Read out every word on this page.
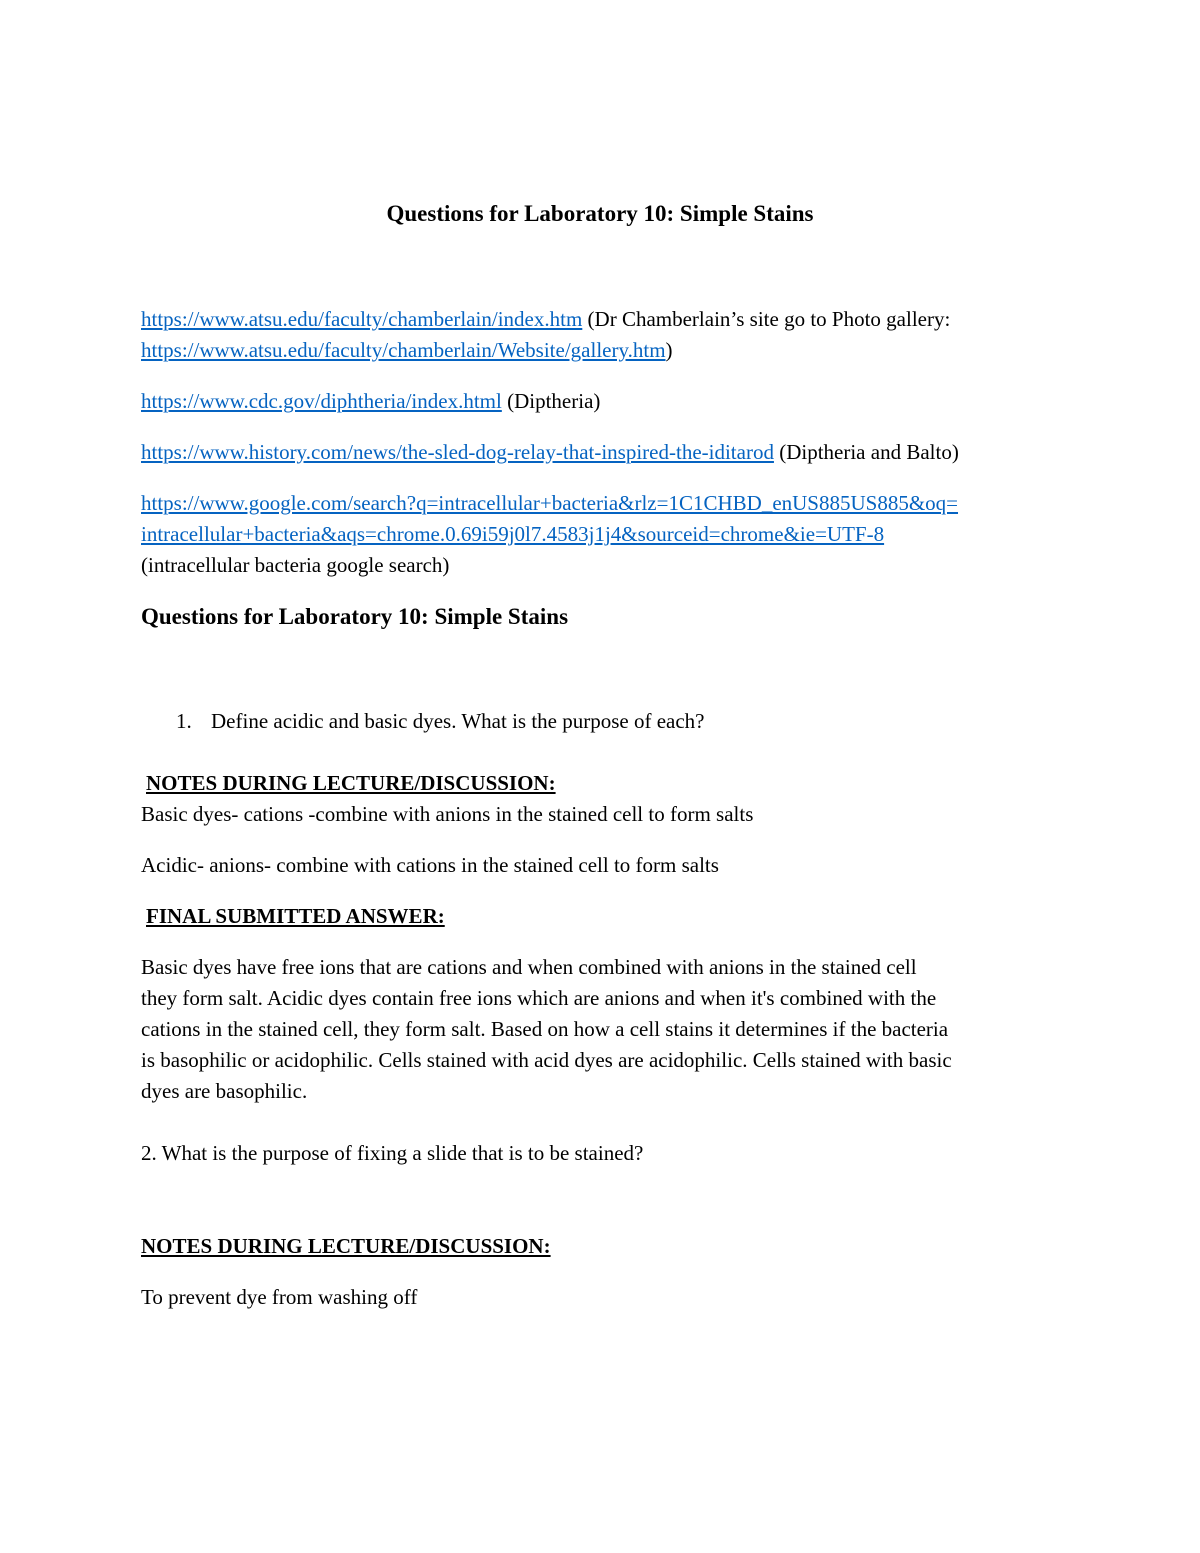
Questions for Laboratory 10: Simple Stains
https://www.atsu.edu/faculty/chamberlain/index.htm (Dr Chamberlain’s site go to Photo gallery:
https://www.atsu.edu/faculty/chamberlain/Website/gallery.htm)
https://www.cdc.gov/diphtheria/index.html (Diptheria)
https://www.history.com/news/the-sled-dog-relay-that-inspired-the-iditarod (Diptheria and Balto)
https://www.google.com/search?q=intracellular+bacteria&rlz=1C1CHBD_enUS885US885&oq=
intracellular+bacteria&aqs=chrome.0.69i59j0l7.4583j1j4&sourceid=chrome&ie=UTF-8
(intracellular bacteria google search)
Questions for Laboratory 10: Simple Stains
1. Define acidic and basic dyes. What is the purpose of each?
NOTES DURING LECTURE/DISCUSSION:
Basic dyes- cations -combine with anions in the stained cell to form salts
Acidic- anions- combine with cations in the stained cell to form salts
FINAL SUBMITTED ANSWER:
Basic dyes have free ions that are cations and when combined with anions in the stained cell
they form salt. Acidic dyes contain free ions which are anions and when it's combined with the
cations in the stained cell, they form salt. Based on how a cell stains it determines if the bacteria
is basophilic or acidophilic. Cells stained with acid dyes are acidophilic. Cells stained with basic
dyes are basophilic.
2. What is the purpose of fixing a slide that is to be stained?
NOTES DURING LECTURE/DISCUSSION:
To prevent dye from washing off
